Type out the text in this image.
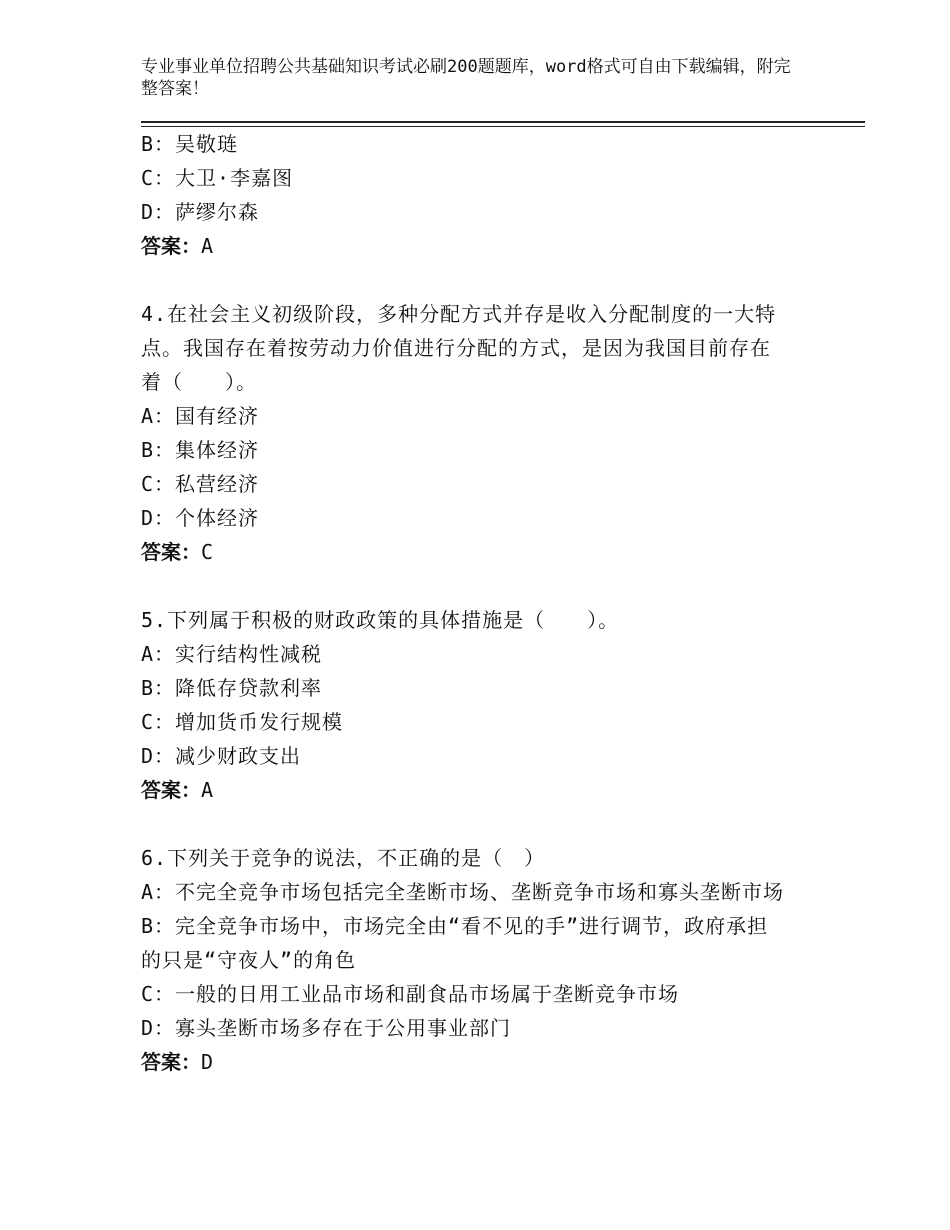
专业事业单位招聘公共基础知识考试必刷200题题库，word格式可自由下载编辑，附完整答案！
B：吴敬琏
C：大卫·李嘉图
D：萨缪尔森
答案：A
4.在社会主义初级阶段，多种分配方式并存是收入分配制度的一大特
点。我国存在着按劳动力价值进行分配的方式，是因为我国目前存在
着（　　）。
A：国有经济
B：集体经济
C：私营经济
D：个体经济
答案：C
5.下列属于积极的财政政策的具体措施是（　　）。
A：实行结构性减税
B：降低存贷款利率
C：增加货币发行规模
D：减少财政支出
答案：A
6.下列关于竞争的说法，不正确的是（　）
A：不完全竞争市场包括完全垄断市场、垄断竞争市场和寡头垄断市场
B：完全竞争市场中，市场完全由“看不见的手”进行调节，政府承担
的只是“守夜人”的角色
C：一般的日用工业品市场和副食品市场属于垄断竞争市场
D：寡头垄断市场多存在于公用事业部门
答案：D
